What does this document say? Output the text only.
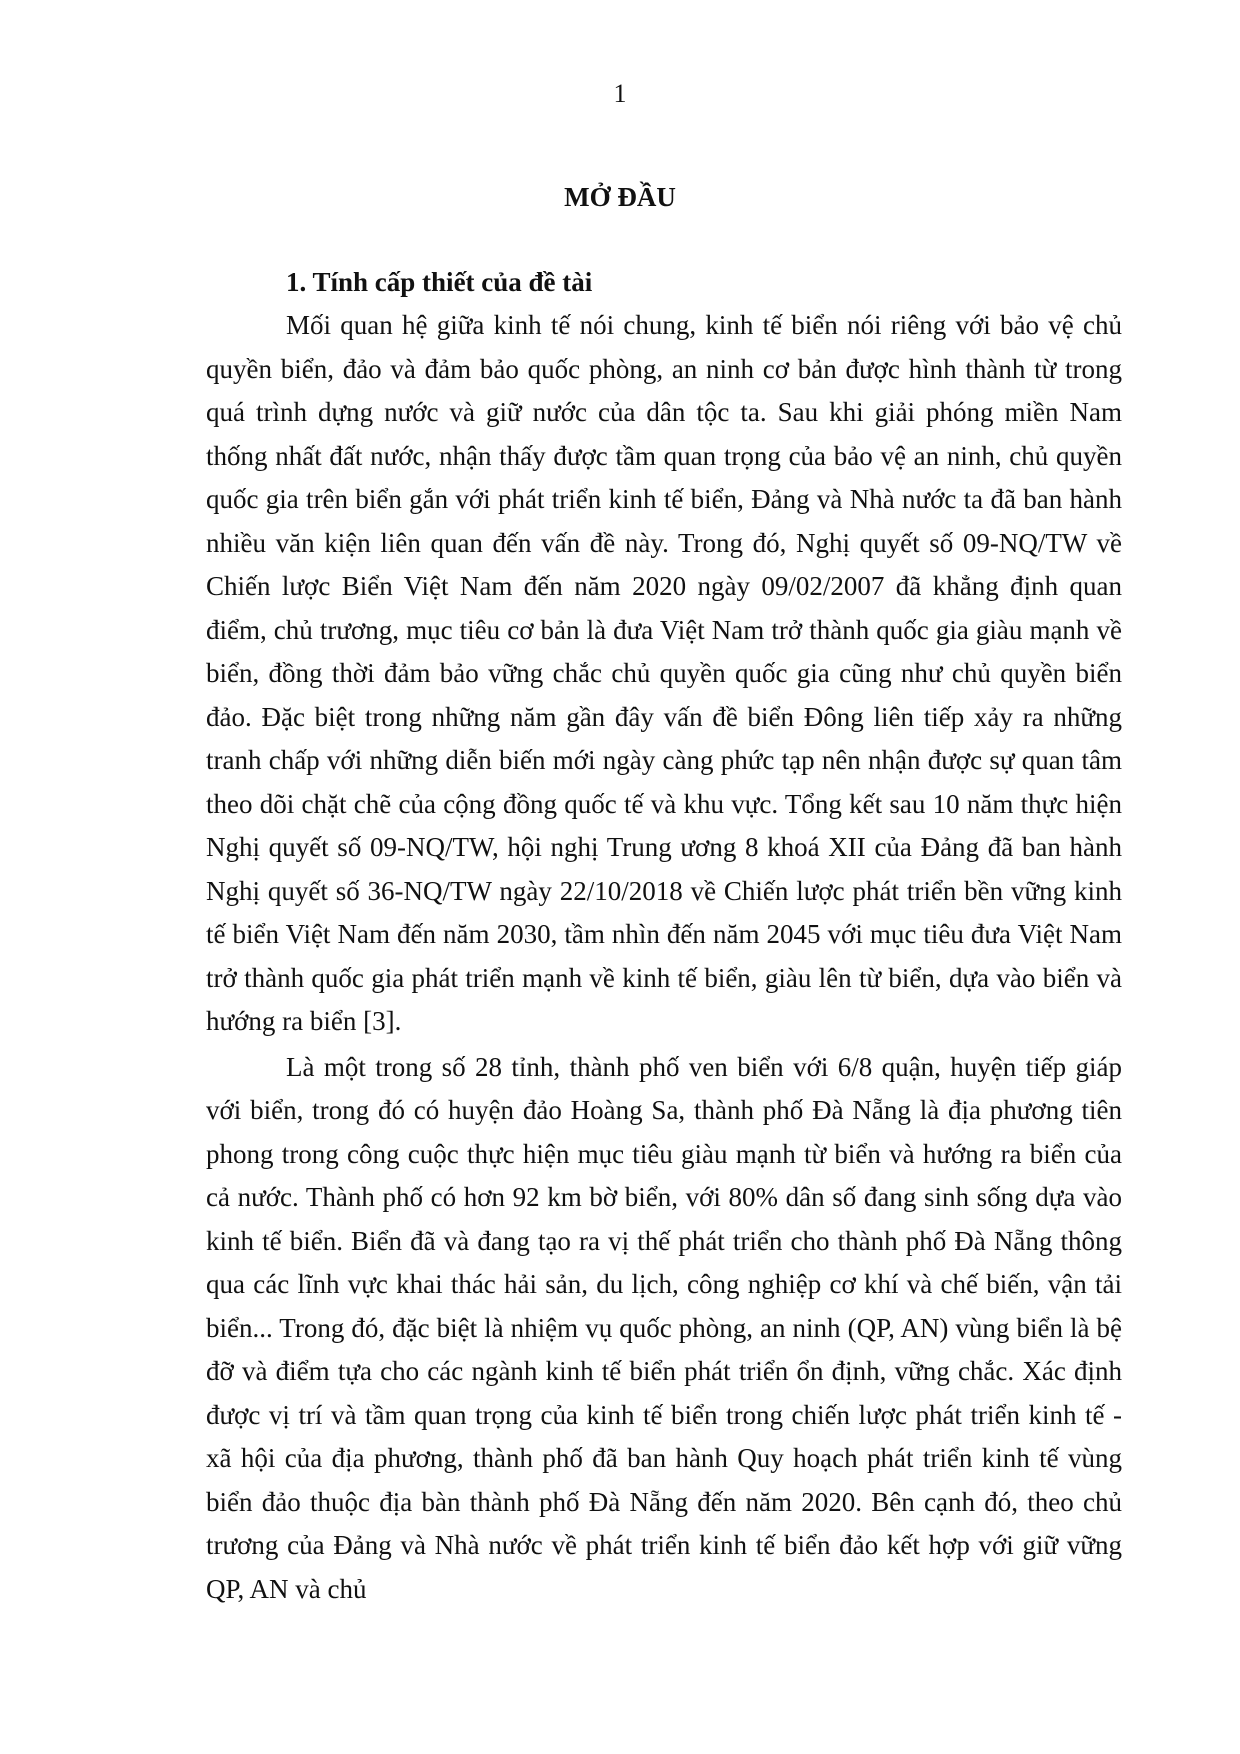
1
MỞ ĐẦU

1. Tính cấp thiết của đề tài

Mối quan hệ giữa kinh tế nói chung, kinh tế biển nói riêng với bảo vệ chủ quyền biển, đảo và đảm bảo quốc phòng, an ninh cơ bản được hình thành từ trong quá trình dựng nước và giữ nước của dân tộc ta. Sau khi giải phóng miền Nam thống nhất đất nước, nhận thấy được tầm quan trọng của bảo vệ an ninh, chủ quyền quốc gia trên biển gắn với phát triển kinh tế biển, Đảng và Nhà nước ta đã ban hành nhiều văn kiện liên quan đến vấn đề này. Trong đó, Nghị quyết số 09-NQ/TW về Chiến lược Biển Việt Nam đến năm 2020 ngày 09/02/2007 đã khẳng định quan điểm, chủ trương, mục tiêu cơ bản là đưa Việt Nam trở thành quốc gia giàu mạnh về biển, đồng thời đảm bảo vững chắc chủ quyền quốc gia cũng như chủ quyền biển đảo. Đặc biệt trong những năm gần đây vấn đề biển Đông liên tiếp xảy ra những tranh chấp với những diễn biến mới ngày càng phức tạp nên nhận được sự quan tâm theo dõi chặt chẽ của cộng đồng quốc tế và khu vực. Tổng kết sau 10 năm thực hiện Nghị quyết số 09-NQ/TW, hội nghị Trung ương 8 khoá XII của Đảng đã ban hành Nghị quyết số 36-NQ/TW ngày 22/10/2018 về Chiến lược phát triển bền vững kinh tế biển Việt Nam đến năm 2030, tầm nhìn đến năm 2045 với mục tiêu đưa Việt Nam trở thành quốc gia phát triển mạnh về kinh tế biển, giàu lên từ biển, dựa vào biển và hướng ra biển [3].

Là một trong số 28 tỉnh, thành phố ven biển với 6/8 quận, huyện tiếp giáp với biển, trong đó có huyện đảo Hoàng Sa, thành phố Đà Nẵng là địa phương tiên phong trong công cuộc thực hiện mục tiêu giàu mạnh từ biển và hướng ra biển của cả nước. Thành phố có hơn 92 km bờ biển, với 80% dân số đang sinh sống dựa vào kinh tế biển. Biển đã và đang tạo ra vị thế phát triển cho thành phố Đà Nẵng thông qua các lĩnh vực khai thác hải sản, du lịch, công nghiệp cơ khí và chế biến, vận tải biển... Trong đó, đặc biệt là nhiệm vụ quốc phòng, an ninh (QP, AN) vùng biển là bệ đỡ và điểm tựa cho các ngành kinh tế biển phát triển ổn định, vững chắc. Xác định được vị trí và tầm quan trọng của kinh tế biển trong chiến lược phát triển kinh tế - xã hội của địa phương, thành phố đã ban hành Quy hoạch phát triển kinh tế vùng biển đảo thuộc địa bàn thành phố Đà Nẵng đến năm 2020. Bên cạnh đó, theo chủ trương của Đảng và Nhà nước về phát triển kinh tế biển đảo kết hợp với giữ vững QP, AN và chủ
